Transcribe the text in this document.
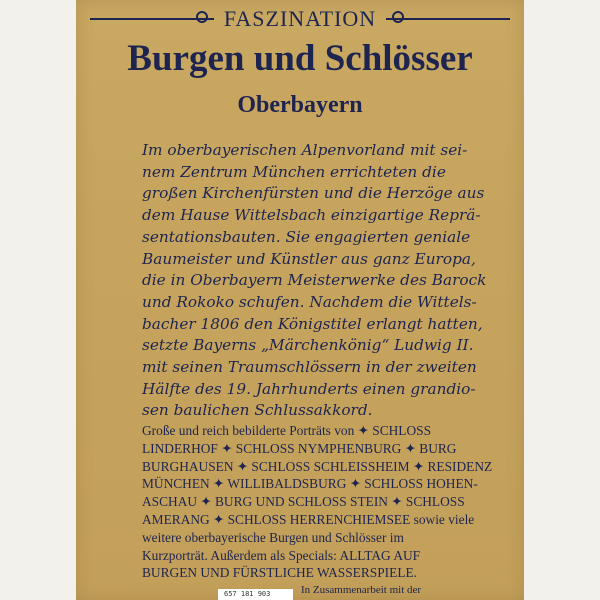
FASZINATION
Burgen und Schlösser
Oberbayern

Im oberbayerischen Alpenvorland mit sei-
nem Zentrum München errichteten die
großen Kirchenfürsten und die Herzöge aus
dem Hause Wittelsbach einzigartige Reprä-
sentationsbauten. Sie engagierten geniale
Baumeister und Künstler aus ganz Europa,
die in Oberbayern Meisterwerke des Barock
und Rokoko schufen. Nachdem die Wittels-
bacher 1806 den Königstitel erlangt hatten,
setzte Bayerns „Märchenkönig“ Ludwig II.
mit seinen Traumschlössern in der zweiten
Hälfte des 19. Jahrhunderts einen grandio-
sen baulichen Schlussakkord.

Große und reich bebilderte Porträts von ✦ SCHLOSS
LINDERHOF ✦ SCHLOSS NYMPHENBURG ✦ BURG
BURGHAUSEN ✦ SCHLOSS SCHLEISSHEIM ✦ RESIDENZ
MÜNCHEN ✦ WILLIBALDSBURG ✦ SCHLOSS HOHEN-
ASCHAU ✦ BURG UND SCHLOSS STEIN ✦ SCHLOSS
AMERANG ✦ SCHLOSS HERRENCHIEMSEE sowie viele
weitere oberbayerische Burgen und Schlösser im
Kurzporträt. Außerdem als Specials: ALLTAG AUF
BURGEN UND FÜRSTLICHE WASSERSPIELE.

657 181 903	In Zusammenarbeit mit der
